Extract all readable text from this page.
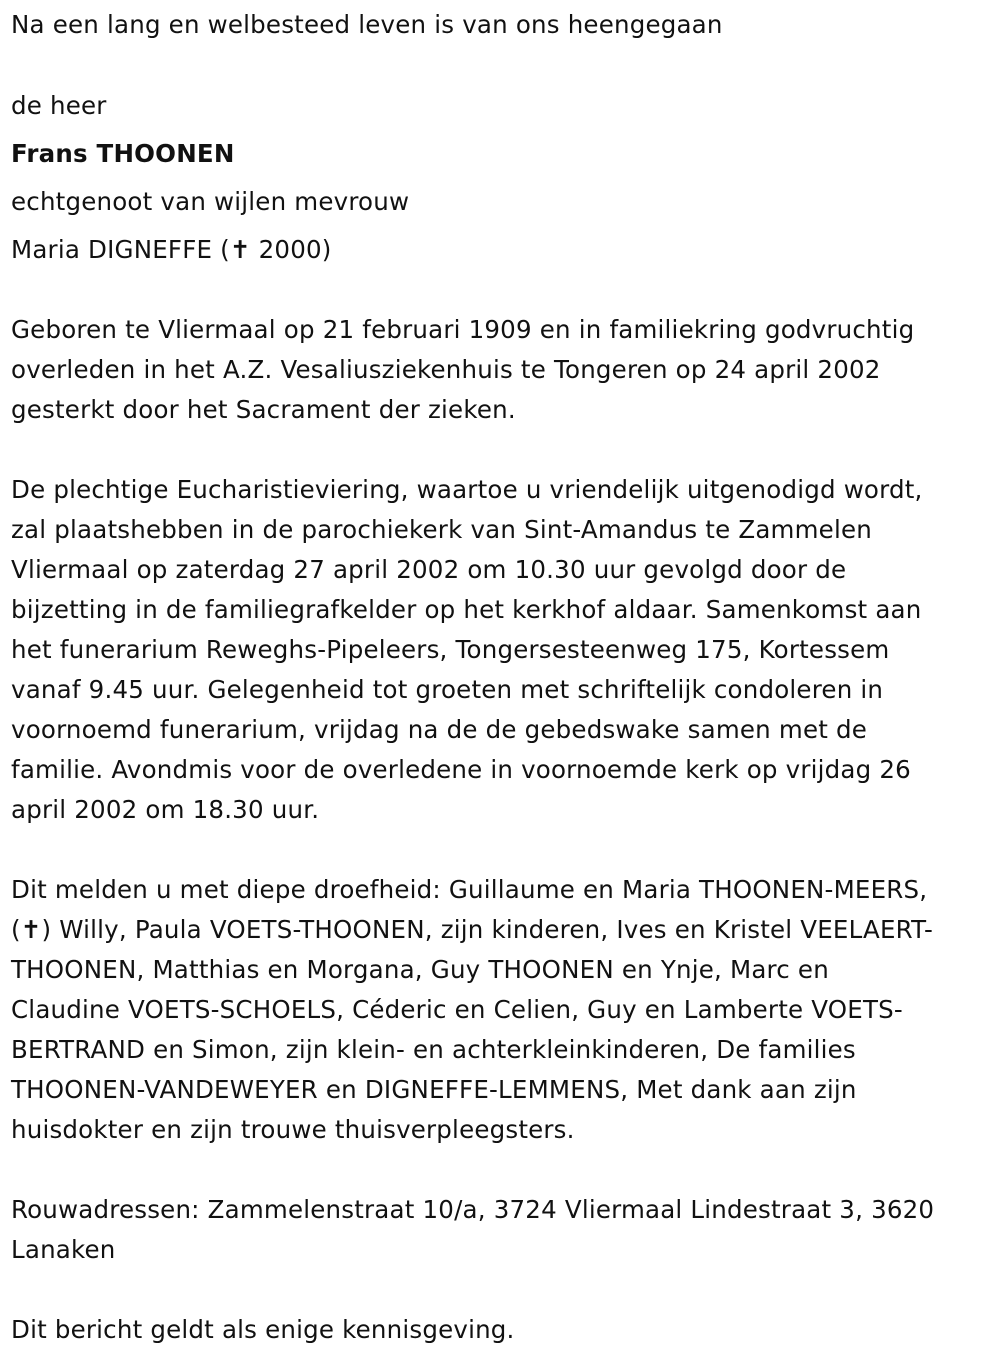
Na een lang en welbesteed leven is van ons heengegaan
de heer
Frans THOONEN
echtgenoot van wijlen mevrouw
Maria DIGNEFFE (✝ 2000)
Geboren te Vliermaal op 21 februari 1909 en in familiekring godvruchtig
overleden in het A.Z. Vesaliusziekenhuis te Tongeren op 24 april 2002
gesterkt door het Sacrament der zieken.
De plechtige Eucharistieviering, waartoe u vriendelijk uitgenodigd wordt,
zal plaatshebben in de parochiekerk van Sint-Amandus te Zammelen
Vliermaal op zaterdag 27 april 2002 om 10.30 uur gevolgd door de
bijzetting in de familiegrafkelder op het kerkhof aldaar. Samenkomst aan
het funerarium Reweghs-Pipeleers, Tongersesteenweg 175, Kortessem
vanaf 9.45 uur. Gelegenheid tot groeten met schriftelijk condoleren in
voornoemd funerarium, vrijdag na de de gebedswake samen met de
familie. Avondmis voor de overledene in voornoemde kerk op vrijdag 26
april 2002 om 18.30 uur.
Dit melden u met diepe droefheid: Guillaume en Maria THOONEN-MEERS,
(✝) Willy, Paula VOETS-THOONEN, zijn kinderen, Ives en Kristel VEELAERT-
THOONEN, Matthias en Morgana, Guy THOONEN en Ynje, Marc en
Claudine VOETS-SCHOELS, Céderic en Celien, Guy en Lamberte VOETS-
BERTRAND en Simon, zijn klein- en achterkleinkinderen, De families
THOONEN-VANDEWEYER en DIGNEFFE-LEMMENS, Met dank aan zijn
huisdokter en zijn trouwe thuisverpleegsters.
Rouwadressen: Zammelenstraat 10/a, 3724 Vliermaal Lindestraat 3, 3620
Lanaken
Dit bericht geldt als enige kennisgeving.
